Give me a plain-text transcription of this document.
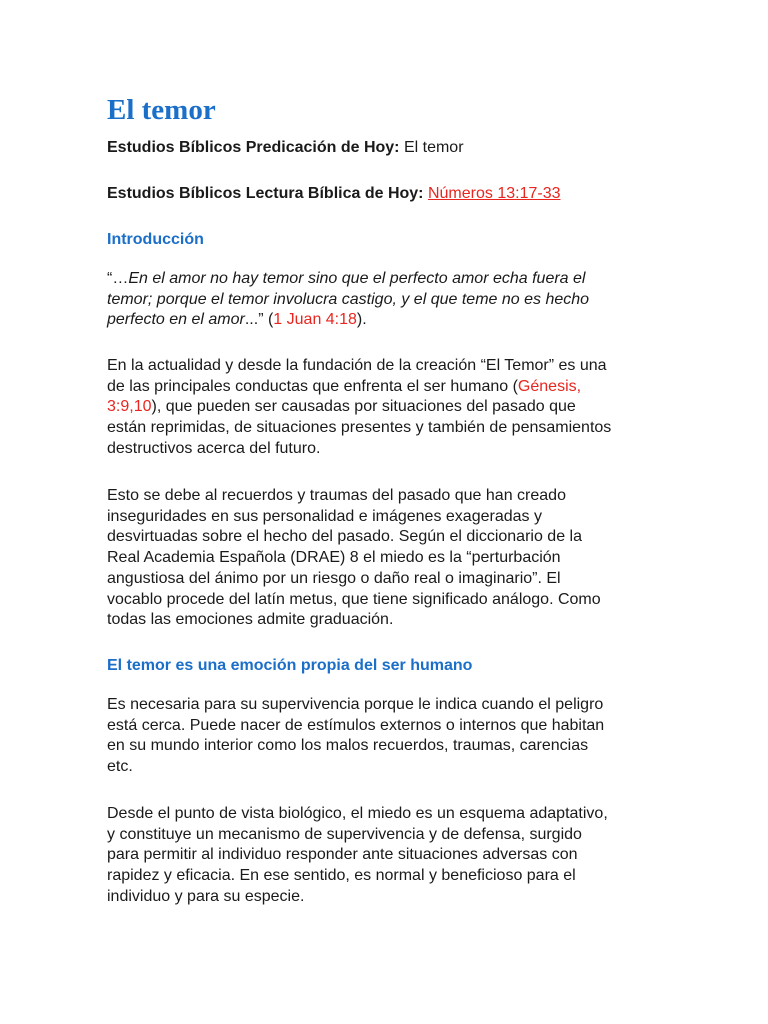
El temor

Estudios Bíblicos Predicación de Hoy: El temor

Estudios Bíblicos Lectura Bíblica de Hoy: Números 13:17-33

Introducción

“…En el amor no hay temor sino que el perfecto amor echa fuera el
temor; porque el temor involucra castigo, y el que teme no es hecho
perfecto en el amor...” (1 Juan 4:18).

En la actualidad y desde la fundación de la creación “El Temor” es una
de las principales conductas que enfrenta el ser humano (Génesis,
3:9,10), que pueden ser causadas por situaciones del pasado que
están reprimidas, de situaciones presentes y también de pensamientos
destructivos acerca del futuro.

Esto se debe al recuerdos y traumas del pasado que han creado
inseguridades en sus personalidad e imágenes exageradas y
desvirtuadas sobre el hecho del pasado. Según el diccionario de la
Real Academia Española (DRAE) 8 el miedo es la “perturbación
angustiosa del ánimo por un riesgo o daño real o imaginario”. El
vocablo procede del latín metus, que tiene significado análogo. Como
todas las emociones admite graduación.

El temor es una emoción propia del ser humano

Es necesaria para su supervivencia porque le indica cuando el peligro
está cerca. Puede nacer de estímulos externos o internos que habitan
en su mundo interior como los malos recuerdos, traumas, carencias
etc.

Desde el punto de vista biológico, el miedo es un esquema adaptativo,
y constituye un mecanismo de supervivencia y de defensa, surgido
para permitir al individuo responder ante situaciones adversas con
rapidez y eficacia. En ese sentido, es normal y beneficioso para el
individuo y para su especie.
